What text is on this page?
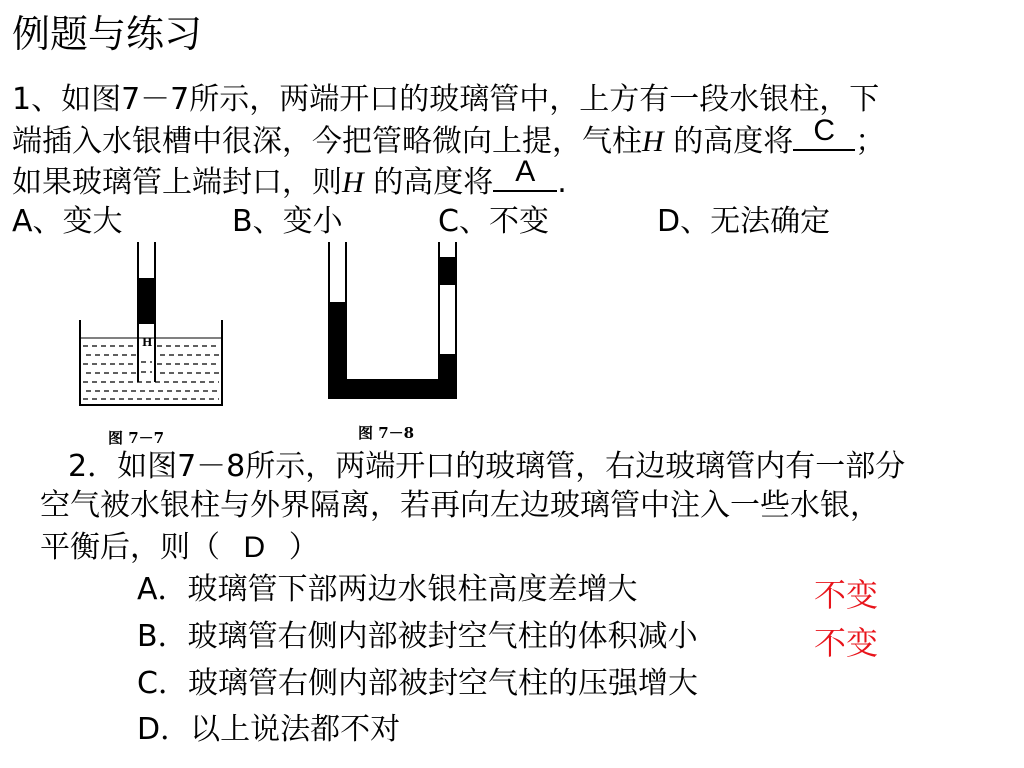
例题与练习
1、如图7－7所示，两端开口的玻璃管中，上方有一段水银柱，下
端插入水银槽中很深，今把管略微向上提，气柱H 的高度将 C ；
如果玻璃管上端封口，则H 的高度将 A .
A、变大	B、变小	C、不变	D、无法确定
H
图 7－7	图 7－8
2．如图7－8所示，两端开口的玻璃管，右边玻璃管内有一部分
空气被水银柱与外界隔离，若再向左边玻璃管中注入一些水银，
平衡后，则（ D ）
A．玻璃管下部两边水银柱高度差增大
B．玻璃管右侧内部被封空气柱的体积减小
C．玻璃管右侧内部被封空气柱的压强增大
D．以上说法都不对
不变
不变
